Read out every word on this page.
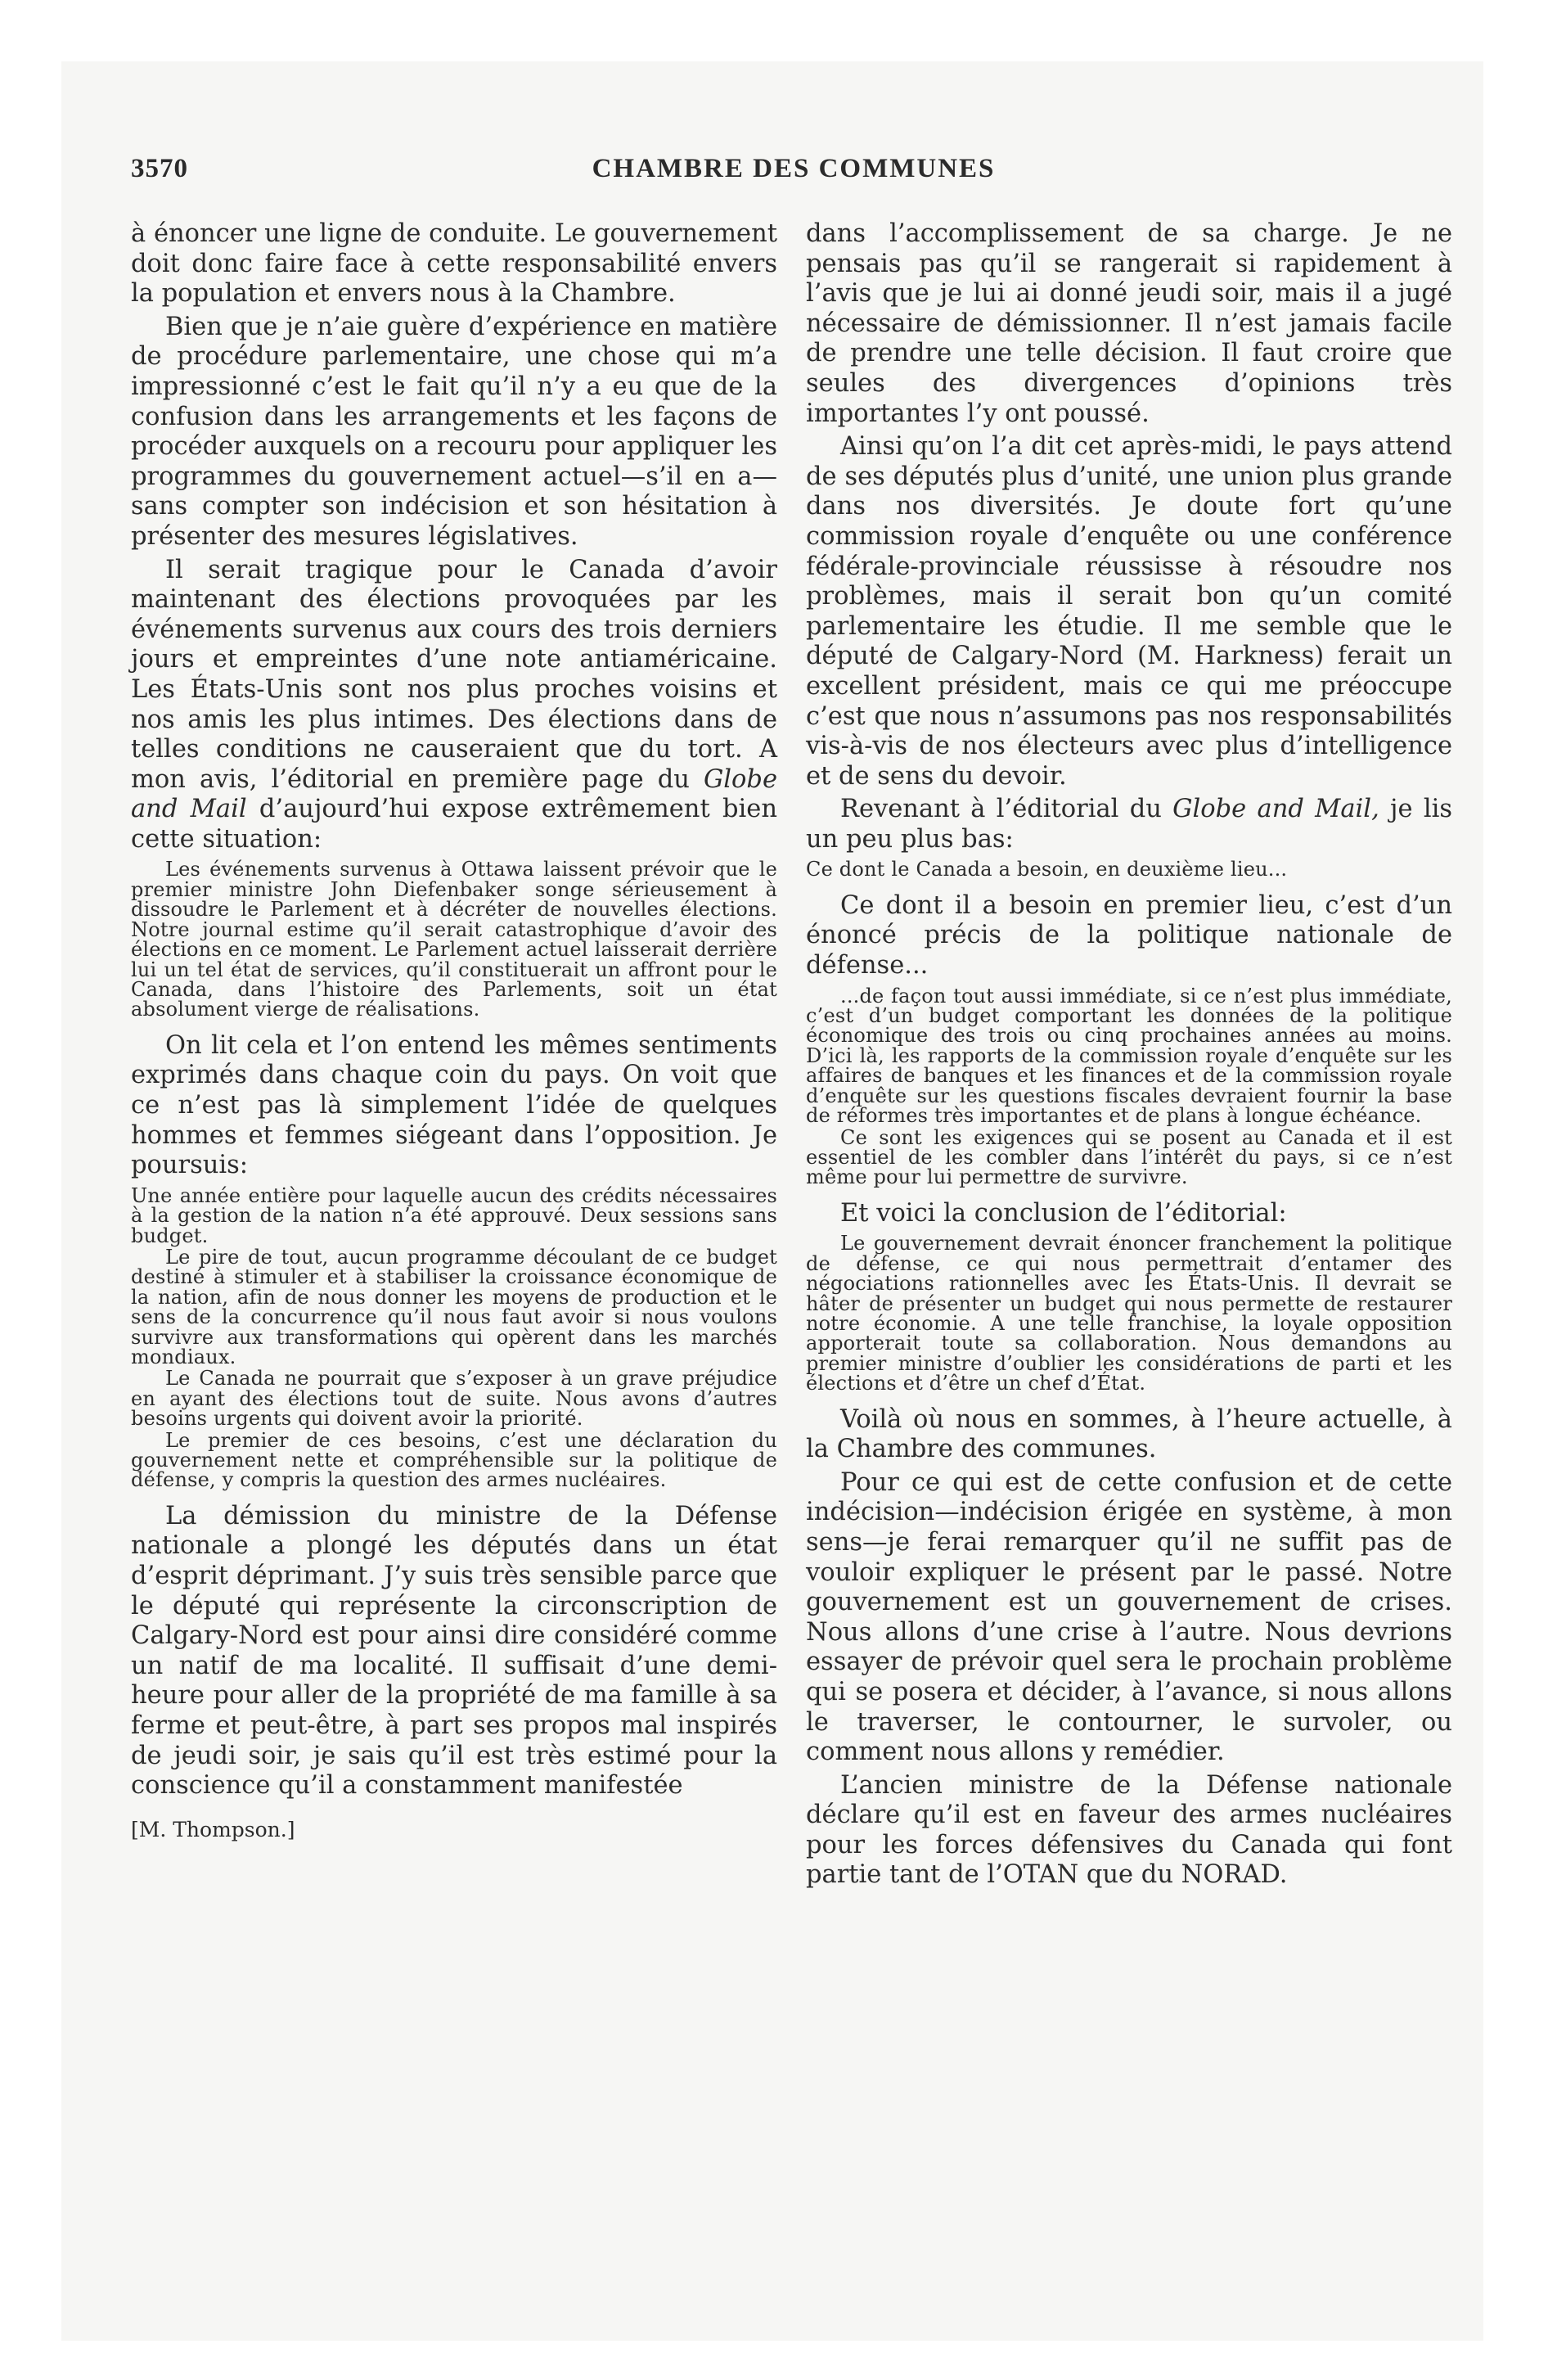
CHAMBRE DES COMMUNES
3570

à énoncer une ligne de conduite. Le gouvernement doit donc faire face à cette responsabilité envers la population et envers nous à la Chambre.

Bien que je n’aie guère d’expérience en matière de procédure parlementaire, une chose qui m’a impressionné c’est le fait qu’il n’y a eu que de la confusion dans les arrangements et les façons de procéder auxquels on a recouru pour appliquer les programmes du gouvernement actuel—s’il en a—sans compter son indécision et son hésitation à présenter des mesures législatives.

Il serait tragique pour le Canada d’avoir maintenant des élections provoquées par les événements survenus aux cours des trois derniers jours et empreintes d’une note antiaméricaine. Les États-Unis sont nos plus proches voisins et nos amis les plus intimes. Des élections dans de telles conditions ne causeraient que du tort. A mon avis, l’éditorial en première page du Globe and Mail d’aujourd’hui expose extrêmement bien cette situation:

Les événements survenus à Ottawa laissent prévoir que le premier ministre John Diefenbaker songe sérieusement à dissoudre le Parlement et à décréter de nouvelles élections. Notre journal estime qu’il serait catastrophique d’avoir des élections en ce moment. Le Parlement actuel laisserait derrière lui un tel état de services, qu’il constituerait un affront pour le Canada, dans l’histoire des Parlements, soit un état absolument vierge de réalisations.

On lit cela et l’on entend les mêmes sentiments exprimés dans chaque coin du pays. On voit que ce n’est pas là simplement l’idée de quelques hommes et femmes siégeant dans l’opposition. Je poursuis:

Une année entière pour laquelle aucun des crédits nécessaires à la gestion de la nation n’a été approuvé. Deux sessions sans budget.

Le pire de tout, aucun programme découlant de ce budget destiné à stimuler et à stabiliser la croissance économique de la nation, afin de nous donner les moyens de production et le sens de la concurrence qu’il nous faut avoir si nous voulons survivre aux transformations qui opèrent dans les marchés mondiaux.

Le Canada ne pourrait que s’exposer à un grave préjudice en ayant des élections tout de suite. Nous avons d’autres besoins urgents qui doivent avoir la priorité.

Le premier de ces besoins, c’est une déclaration du gouvernement nette et compréhensible sur la politique de défense, y compris la question des armes nucléaires.

La démission du ministre de la Défense nationale a plongé les députés dans un état d’esprit déprimant. J’y suis très sensible parce que le député qui représente la circonscription de Calgary-Nord est pour ainsi dire considéré comme un natif de ma localité. Il suffisait d’une demi-heure pour aller de la propriété de ma famille à sa ferme et peut-être, à part ses propos mal inspirés de jeudi soir, je sais qu’il est très estimé pour la conscience qu’il a constamment manifestée

[M. Thompson.]

dans l’accomplissement de sa charge. Je ne pensais pas qu’il se rangerait si rapidement à l’avis que je lui ai donné jeudi soir, mais il a jugé nécessaire de démissionner. Il n’est jamais facile de prendre une telle décision. Il faut croire que seules des divergences d’opinions très importantes l’y ont poussé.

Ainsi qu’on l’a dit cet après-midi, le pays attend de ses députés plus d’unité, une union plus grande dans nos diversités. Je doute fort qu’une commission royale d’enquête ou une conférence fédérale-provinciale réussisse à résoudre nos problèmes, mais il serait bon qu’un comité parlementaire les étudie. Il me semble que le député de Calgary-Nord (M. Harkness) ferait un excellent président, mais ce qui me préoccupe c’est que nous n’assumons pas nos responsabilités vis-à-vis de nos électeurs avec plus d’intelligence et de sens du devoir.

Revenant à l’éditorial du Globe and Mail, je lis un peu plus bas:

Ce dont le Canada a besoin, en deuxième lieu...

Ce dont il a besoin en premier lieu, c’est d’un énoncé précis de la politique nationale de défense...

...de façon tout aussi immédiate, si ce n’est plus immédiate, c’est d’un budget comportant les données de la politique économique des trois ou cinq prochaines années au moins. D’ici là, les rapports de la commission royale d’enquête sur les affaires de banques et les finances et de la commission royale d’enquête sur les questions fiscales devraient fournir la base de réformes très importantes et de plans à longue échéance.

Ce sont les exigences qui se posent au Canada et il est essentiel de les combler dans l’intérêt du pays, si ce n’est même pour lui permettre de survivre.

Et voici la conclusion de l’éditorial:

Le gouvernement devrait énoncer franchement la politique de défense, ce qui nous permettrait d’entamer des négociations rationnelles avec les États-Unis. Il devrait se hâter de présenter un budget qui nous permette de restaurer notre économie. A une telle franchise, la loyale opposition apporterait toute sa collaboration. Nous demandons au premier ministre d’oublier les considérations de parti et les élections et d’être un chef d’État.

Voilà où nous en sommes, à l’heure actuelle, à la Chambre des communes.

Pour ce qui est de cette confusion et de cette indécision—indécision érigée en système, à mon sens—je ferai remarquer qu’il ne suffit pas de vouloir expliquer le présent par le passé. Notre gouvernement est un gouvernement de crises. Nous allons d’une crise à l’autre. Nous devrions essayer de prévoir quel sera le prochain problème qui se posera et décider, à l’avance, si nous allons le traverser, le contourner, le survoler, ou comment nous allons y remédier.

L’ancien ministre de la Défense nationale déclare qu’il est en faveur des armes nucléaires pour les forces défensives du Canada qui font partie tant de l’OTAN que du NORAD.
